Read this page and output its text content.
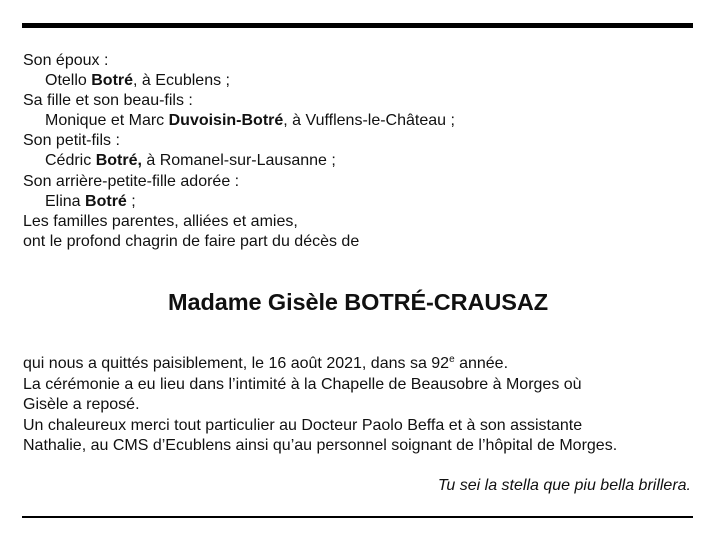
Son époux :
Otello Botré, à Ecublens ;
Sa fille et son beau-fils :
Monique et Marc Duvoisin-Botré, à Vufflens-le-Château ;
Son petit-fils :
Cédric Botré, à Romanel-sur-Lausanne ;
Son arrière-petite-fille adorée :
Elina Botré ;
Les familles parentes, alliées et amies,
ont le profond chagrin de faire part du décès de
Madame Gisèle BOTRÉ-CRAUSAZ
qui nous a quittés paisiblement, le 16 août 2021, dans sa 92e année.
La cérémonie a eu lieu dans l’intimité à la Chapelle de Beausobre à Morges où
Gisèle a reposé.
Un chaleureux merci tout particulier au Docteur Paolo Beffa et à son assistante
Nathalie, au CMS d’Ecublens ainsi qu’au personnel soignant de l’hôpital de Morges.
Tu sei la stella que piu bella brillera.
